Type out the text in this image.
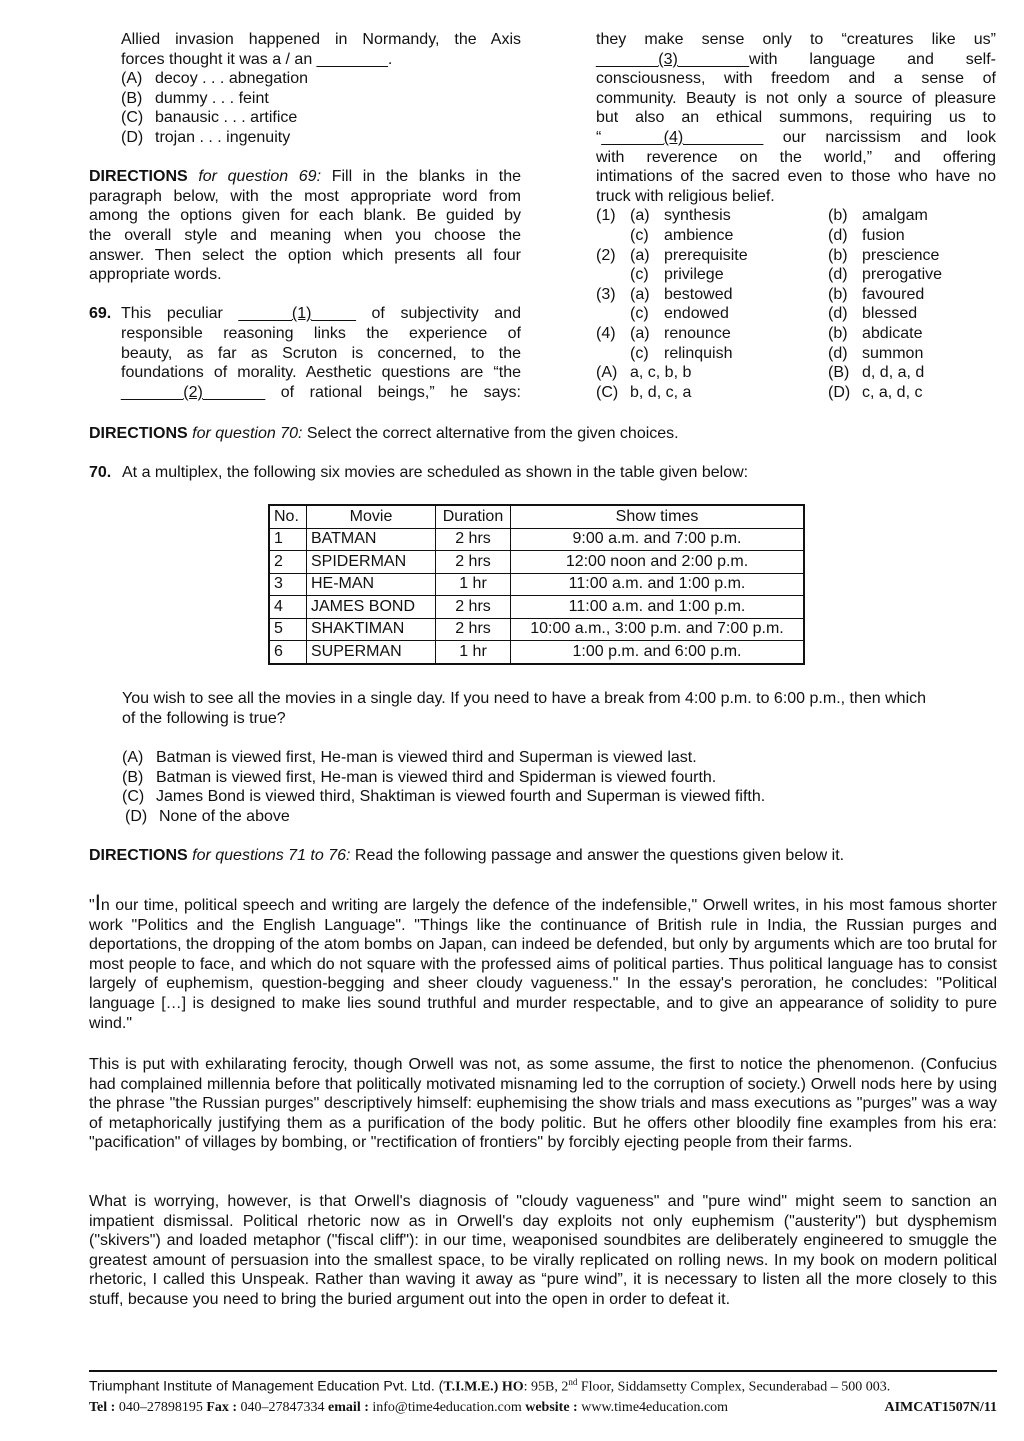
Allied invasion happened in Normandy, the Axis
forces thought it was a / an ________.
(A) decoy . . . abnegation
(B) dummy . . . feint
(C) banausic . . . artifice
(D) trojan . . . ingenuity
DIRECTIONS for question 69: Fill in the blanks in the
paragraph below, with the most appropriate word from
among the options given for each blank. Be guided by
the overall style and meaning when you choose the
answer. Then select the option which presents all four
appropriate words.
69. This peculiar ______(1)_____ of subjectivity and
responsible reasoning links the experience of
beauty, as far as Scruton is concerned, to the
foundations of morality. Aesthetic questions are “the
_______(2)_______ of rational beings,” he says:
they make sense only to “creatures like us”
_______(3)________with language and self-
consciousness, with freedom and a sense of
community. Beauty is not only a source of pleasure
but also an ethical summons, requiring us to
“_______(4)_________ our narcissism and look
with reverence on the world,” and offering
intimations of the sacred even to those who have no
truck with religious belief.
(1) (a) synthesis	(b) amalgam
(c) ambience	(d) fusion
(2) (a) prerequisite	(b) prescience
(c) privilege	(d) prerogative
(3) (a) bestowed	(b) favoured
(c) endowed	(d) blessed
(4) (a) renounce	(b) abdicate
(c) relinquish	(d) summon
(A) a, c, b, b	(B) d, d, a, d
(C) b, d, c, a	(D) c, a, d, c
DIRECTIONS for question 70: Select the correct alternative from the given choices.
70. At a multiplex, the following six movies are scheduled as shown in the table given below:
No.	Movie	Duration	Show times
1	BATMAN	2 hrs	9:00 a.m. and 7:00 p.m.
2	SPIDERMAN	2 hrs	12:00 noon and 2:00 p.m.
3	HE-MAN	1 hr	11:00 a.m. and 1:00 p.m.
4	JAMES BOND	2 hrs	11:00 a.m. and 1:00 p.m.
5	SHAKTIMAN	2 hrs	10:00 a.m., 3:00 p.m. and 7:00 p.m.
6	SUPERMAN	1 hr	1:00 p.m. and 6:00 p.m.
You wish to see all the movies in a single day. If you need to have a break from 4:00 p.m. to 6:00 p.m., then which
of the following is true?
(A) Batman is viewed first, He-man is viewed third and Superman is viewed last.
(B) Batman is viewed first, He-man is viewed third and Spiderman is viewed fourth.
(C) James Bond is viewed third, Shaktiman is viewed fourth and Superman is viewed fifth.
(D) None of the above
DIRECTIONS for questions 71 to 76: Read the following passage and answer the questions given below it.
"In our time, political speech and writing are largely the defence of the indefensible," Orwell writes, in his most famous shorter work "Politics and the English Language". "Things like the continuance of British rule in India, the Russian purges and deportations, the dropping of the atom bombs on Japan, can indeed be defended, but only by arguments which are too brutal for most people to face, and which do not square with the professed aims of political parties. Thus political language has to consist largely of euphemism, question-begging and sheer cloudy vagueness." In the essay's peroration, he concludes: "Political language […] is designed to make lies sound truthful and murder respectable, and to give an appearance of solidity to pure wind."
This is put with exhilarating ferocity, though Orwell was not, as some assume, the first to notice the phenomenon. (Confucius had complained millennia before that politically motivated misnaming led to the corruption of society.) Orwell nods here by using the phrase "the Russian purges" descriptively himself: euphemising the show trials and mass executions as "purges" was a way of metaphorically justifying them as a purification of the body politic. But he offers other bloodily fine examples from his era: "pacification" of villages by bombing, or "rectification of frontiers" by forcibly ejecting people from their farms.
What is worrying, however, is that Orwell's diagnosis of "cloudy vagueness" and "pure wind" might seem to sanction an impatient dismissal. Political rhetoric now as in Orwell's day exploits not only euphemism ("austerity") but dysphemism ("skivers") and loaded metaphor ("fiscal cliff"): in our time, weaponised soundbites are deliberately engineered to smuggle the greatest amount of persuasion into the smallest space, to be virally replicated on rolling news. In my book on modern political rhetoric, I called this Unspeak. Rather than waving it away as “pure wind”, it is necessary to listen all the more closely to this stuff, because you need to bring the buried argument out into the open in order to defeat it.
Triumphant Institute of Management Education Pvt. Ltd. (T.I.M.E.) HO: 95B, 2nd Floor, Siddamsetty Complex, Secunderabad – 500 003.
Tel : 040–27898195 Fax : 040–27847334 email : info@time4education.com website : www.time4education.com	AIMCAT1507N/11
